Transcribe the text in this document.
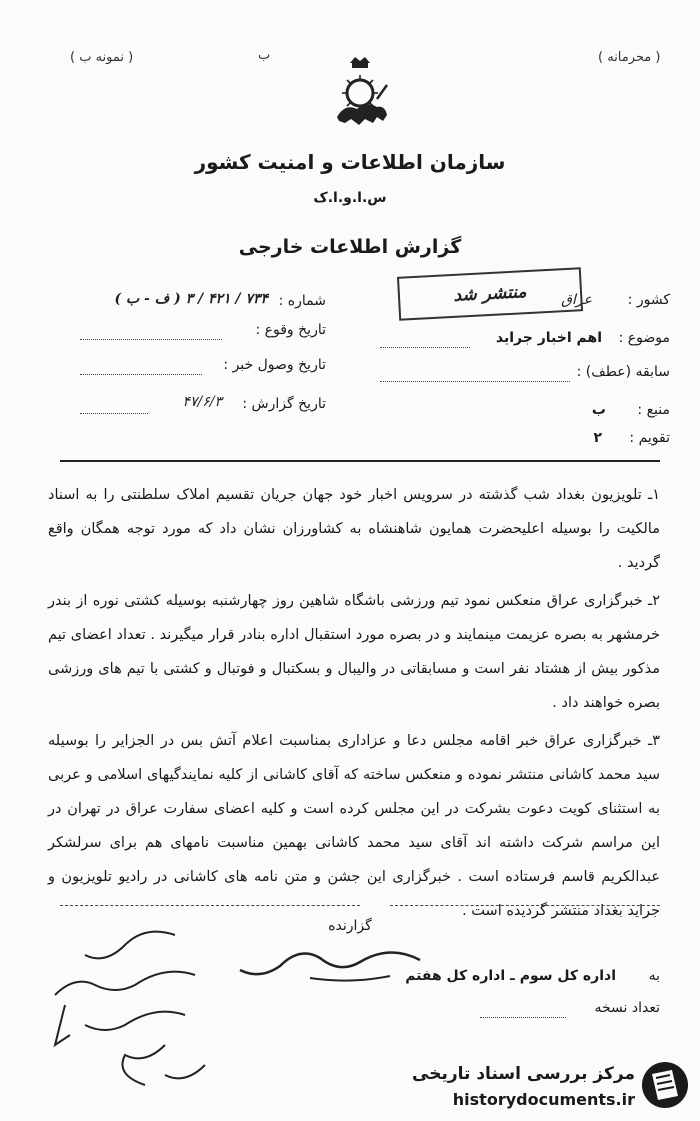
( محرمانه )
( نمونه ب )	ب
سازمان اطلاعات و امنیت کشور
س.ا.و.ا.ک
گزارش اطلاعات خارجی
کشور :
عراق
منتشر شد
موضوع :
اهم اخبار جراید
سابقه (عطف) :
منبع :
ب
تقویم :
۲
شماره :
۷۳۴ / ۴۲۱ / ۳ ( ف - ب )
تاریخ وقوع :
تاریخ وصول خبر :
تاریخ گزارش :
۴۷/۶/۳

۱ـ تلویزیون بغداد شب گذشته در سرویس اخبار خود جهان جریان تقسیم املاک سلطنتی را به اسناد مالکیت را بوسیله اعلیحضرت همایون شاهنشاه به کشاورزان نشان داد که مورد توجه همگان واقع گردید .

۲ـ خبرگزاری عراق منعکس نمود تیم ورزشی باشگاه شاهین روز چهارشنبه بوسیله کشتی نوره از بندر خرمشهر به بصره عزیمت مینمایند و در بصره مورد استقبال اداره بنادر قرار میگیرند . تعداد اعضای تیم مذکور بیش از هشتاد نفر است و مسابقاتی در والیبال و بسکتبال و فوتبال و کشتی با تیم های ورزشی بصره خواهند داد .

۳ـ خبرگزاری عراق خبر اقامه مجلس دعا و عزاداری بمناسبت اعلام آتش بس در الجزایر را بوسیله سید محمد کاشانی منتشر نموده و منعکس ساخته که آقای کاشانی از کلیه نمایندگیهای اسلامی و عربی به استثنای کویت دعوت بشرکت در این مجلس کرده است و کلیه اعضای سفارت عراق در تهران در این مراسم شرکت داشته اند آقای سید محمد کاشانی بهمین مناسبت نامهای هم برای سرلشکر عبدالکریم قاسم فرستاده است . خبرگزاری این جشن و متن نامه های کاشانی در رادیو تلویزیون و جراید بغداد منتشر گردیده است .

گزارنده
به
اداره کل سوم ـ اداره کل هفتم
تعداد نسخه
مرکز بررسی اسناد تاریخی
historydocuments.ir
